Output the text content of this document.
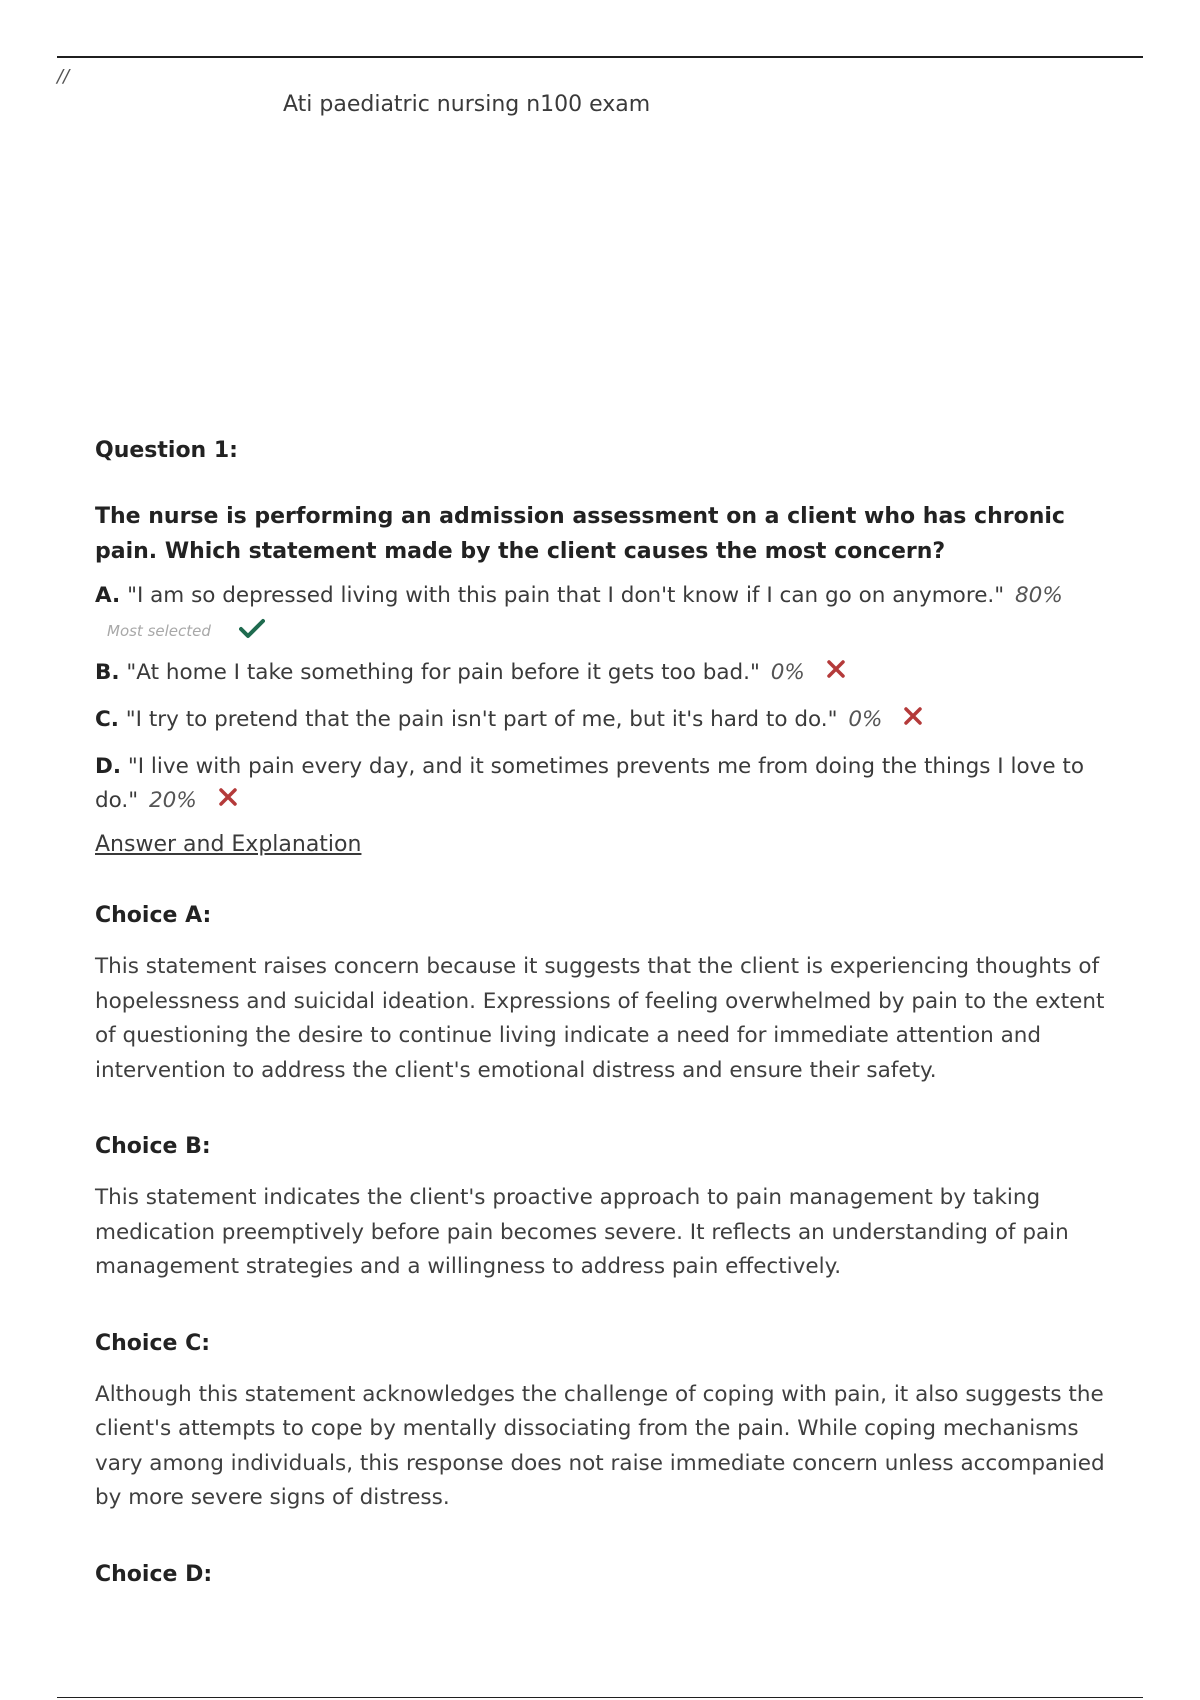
//
Ati paediatric nursing n100 exam
Question 1:
The nurse is performing an admission assessment on a client who has chronic pain. Which statement made by the client causes the most concern?
A. "I am so depressed living with this pain that I don't know if I can go on anymore." 80%
Most selected
B. "At home I take something for pain before it gets too bad." 0%
C. "I try to pretend that the pain isn't part of me, but it's hard to do." 0%
D. "I live with pain every day, and it sometimes prevents me from doing the things I love to do." 20%
Answer and Explanation
Choice A:
This statement raises concern because it suggests that the client is experiencing thoughts of hopelessness and suicidal ideation. Expressions of feeling overwhelmed by pain to the extent of questioning the desire to continue living indicate a need for immediate attention and intervention to address the client's emotional distress and ensure their safety.
Choice B:
This statement indicates the client's proactive approach to pain management by taking medication preemptively before pain becomes severe. It reflects an understanding of pain management strategies and a willingness to address pain effectively.
Choice C:
Although this statement acknowledges the challenge of coping with pain, it also suggests the client's attempts to cope by mentally dissociating from the pain. While coping mechanisms vary among individuals, this response does not raise immediate concern unless accompanied by more severe signs of distress.
Choice D:
